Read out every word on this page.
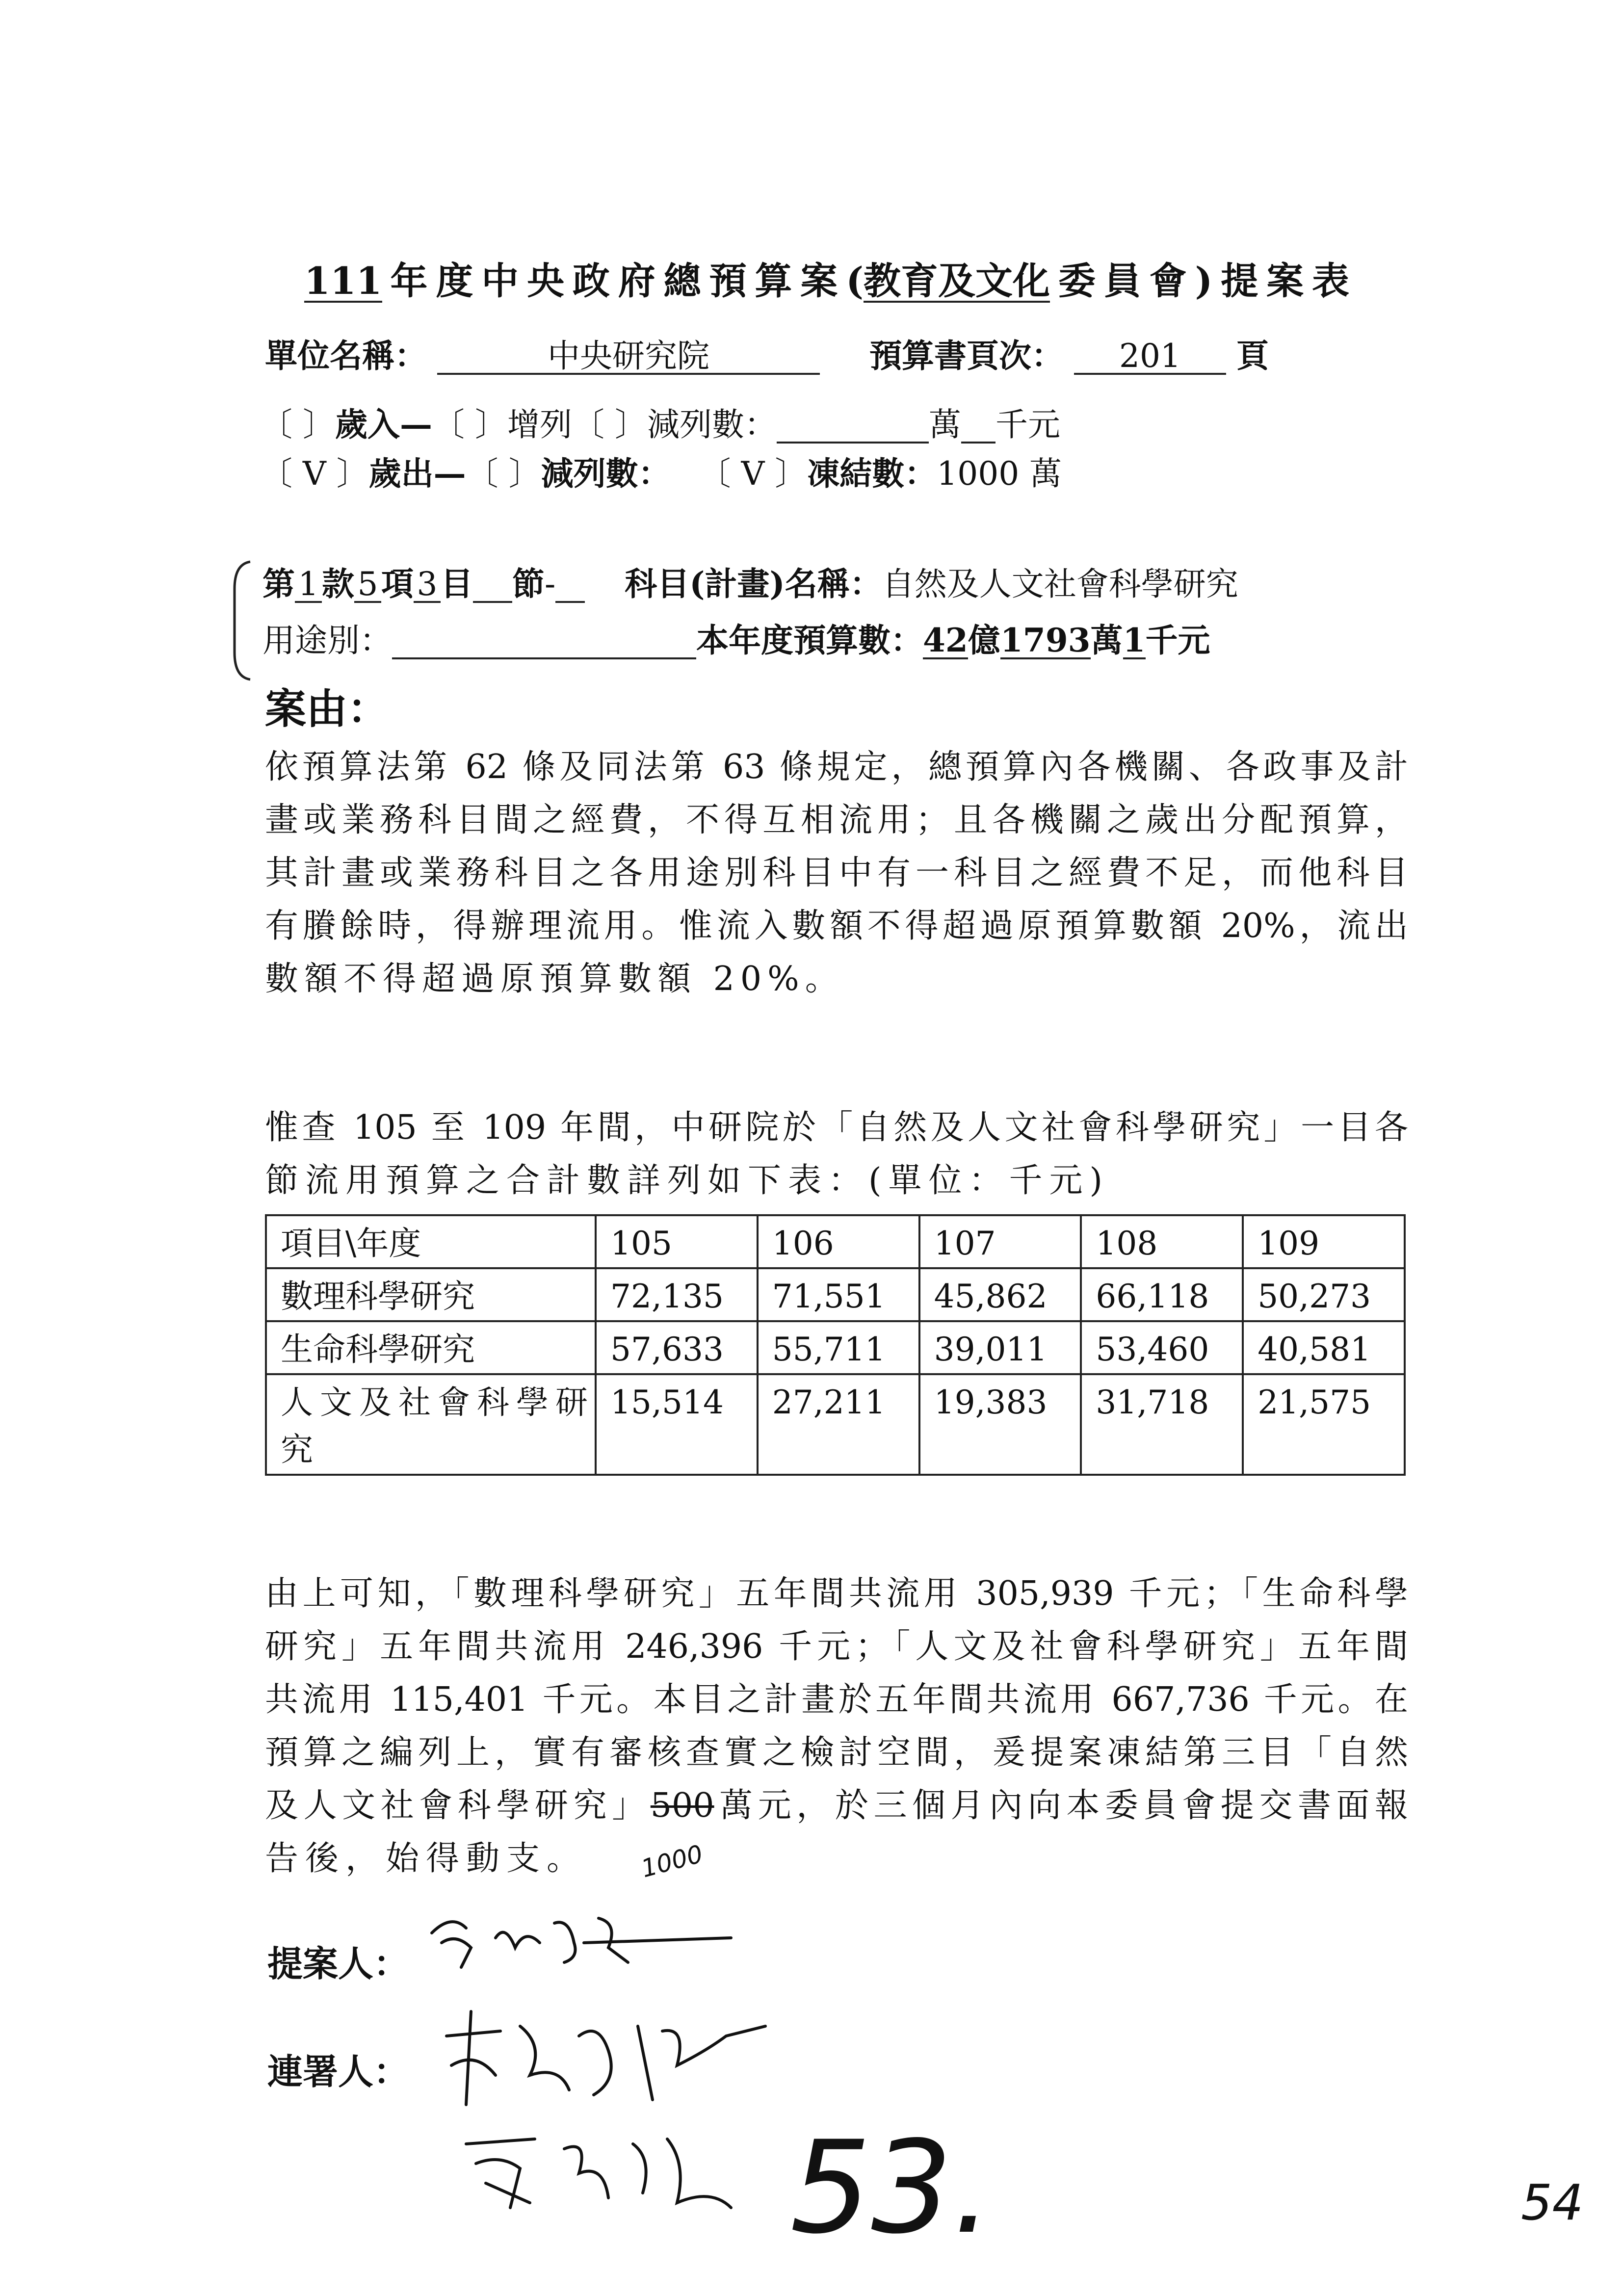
111年度中央政府總預算案(教育及文化委員會)提案表
單位名稱：	中央研究院	預算書頁次： 201 頁
〔 〕歲入—〔 〕增列〔 〕減列數：	萬 千元
〔 V 〕歲出—〔 〕減列數： 〔 V 〕凍結數：1000 萬
第1款5項3目 節- 科目(計畫)名稱：自然及人文社會科學研究
用途別：	本年度預算數：42億1793萬1千元
案由：
依預算法第 62 條及同法第 63 條規定，總預算內各機關、各政事及計
畫或業務科目間之經費，不得互相流用；且各機關之歲出分配預算，
其計畫或業務科目之各用途別科目中有一科目之經費不足，而他科目
有賸餘時，得辦理流用。惟流入數額不得超過原預算數額 20%，流出
數額不得超過原預算數額 20%。
惟查 105 至 109 年間，中研院於「自然及人文社會科學研究」一目各
節流用預算之合計數詳列如下表：(單位：千元)
項目\年度	105	106	107	108	109
數理科學研究	72,135	71,551	45,862	66,118	50,273
生命科學研究	57,633	55,711	39,011	53,460	40,581
人文及社會科學研究	15,514	27,211	19,383	31,718	21,575
由上可知，「數理科學研究」五年間共流用 305,939 千元；「生命科學
研究」五年間共流用 246,396 千元；「人文及社會科學研究」五年間
共流用 115,401 千元。本目之計畫於五年間共流用 667,736 千元。在
預算之編列上，實有審核查實之檢討空間，爰提案凍結第三目「自然
及人文社會科學研究」500萬元，於三個月內向本委員會提交書面報
告後，始得動支。 1000
提案人：
連署人：
53.	54
